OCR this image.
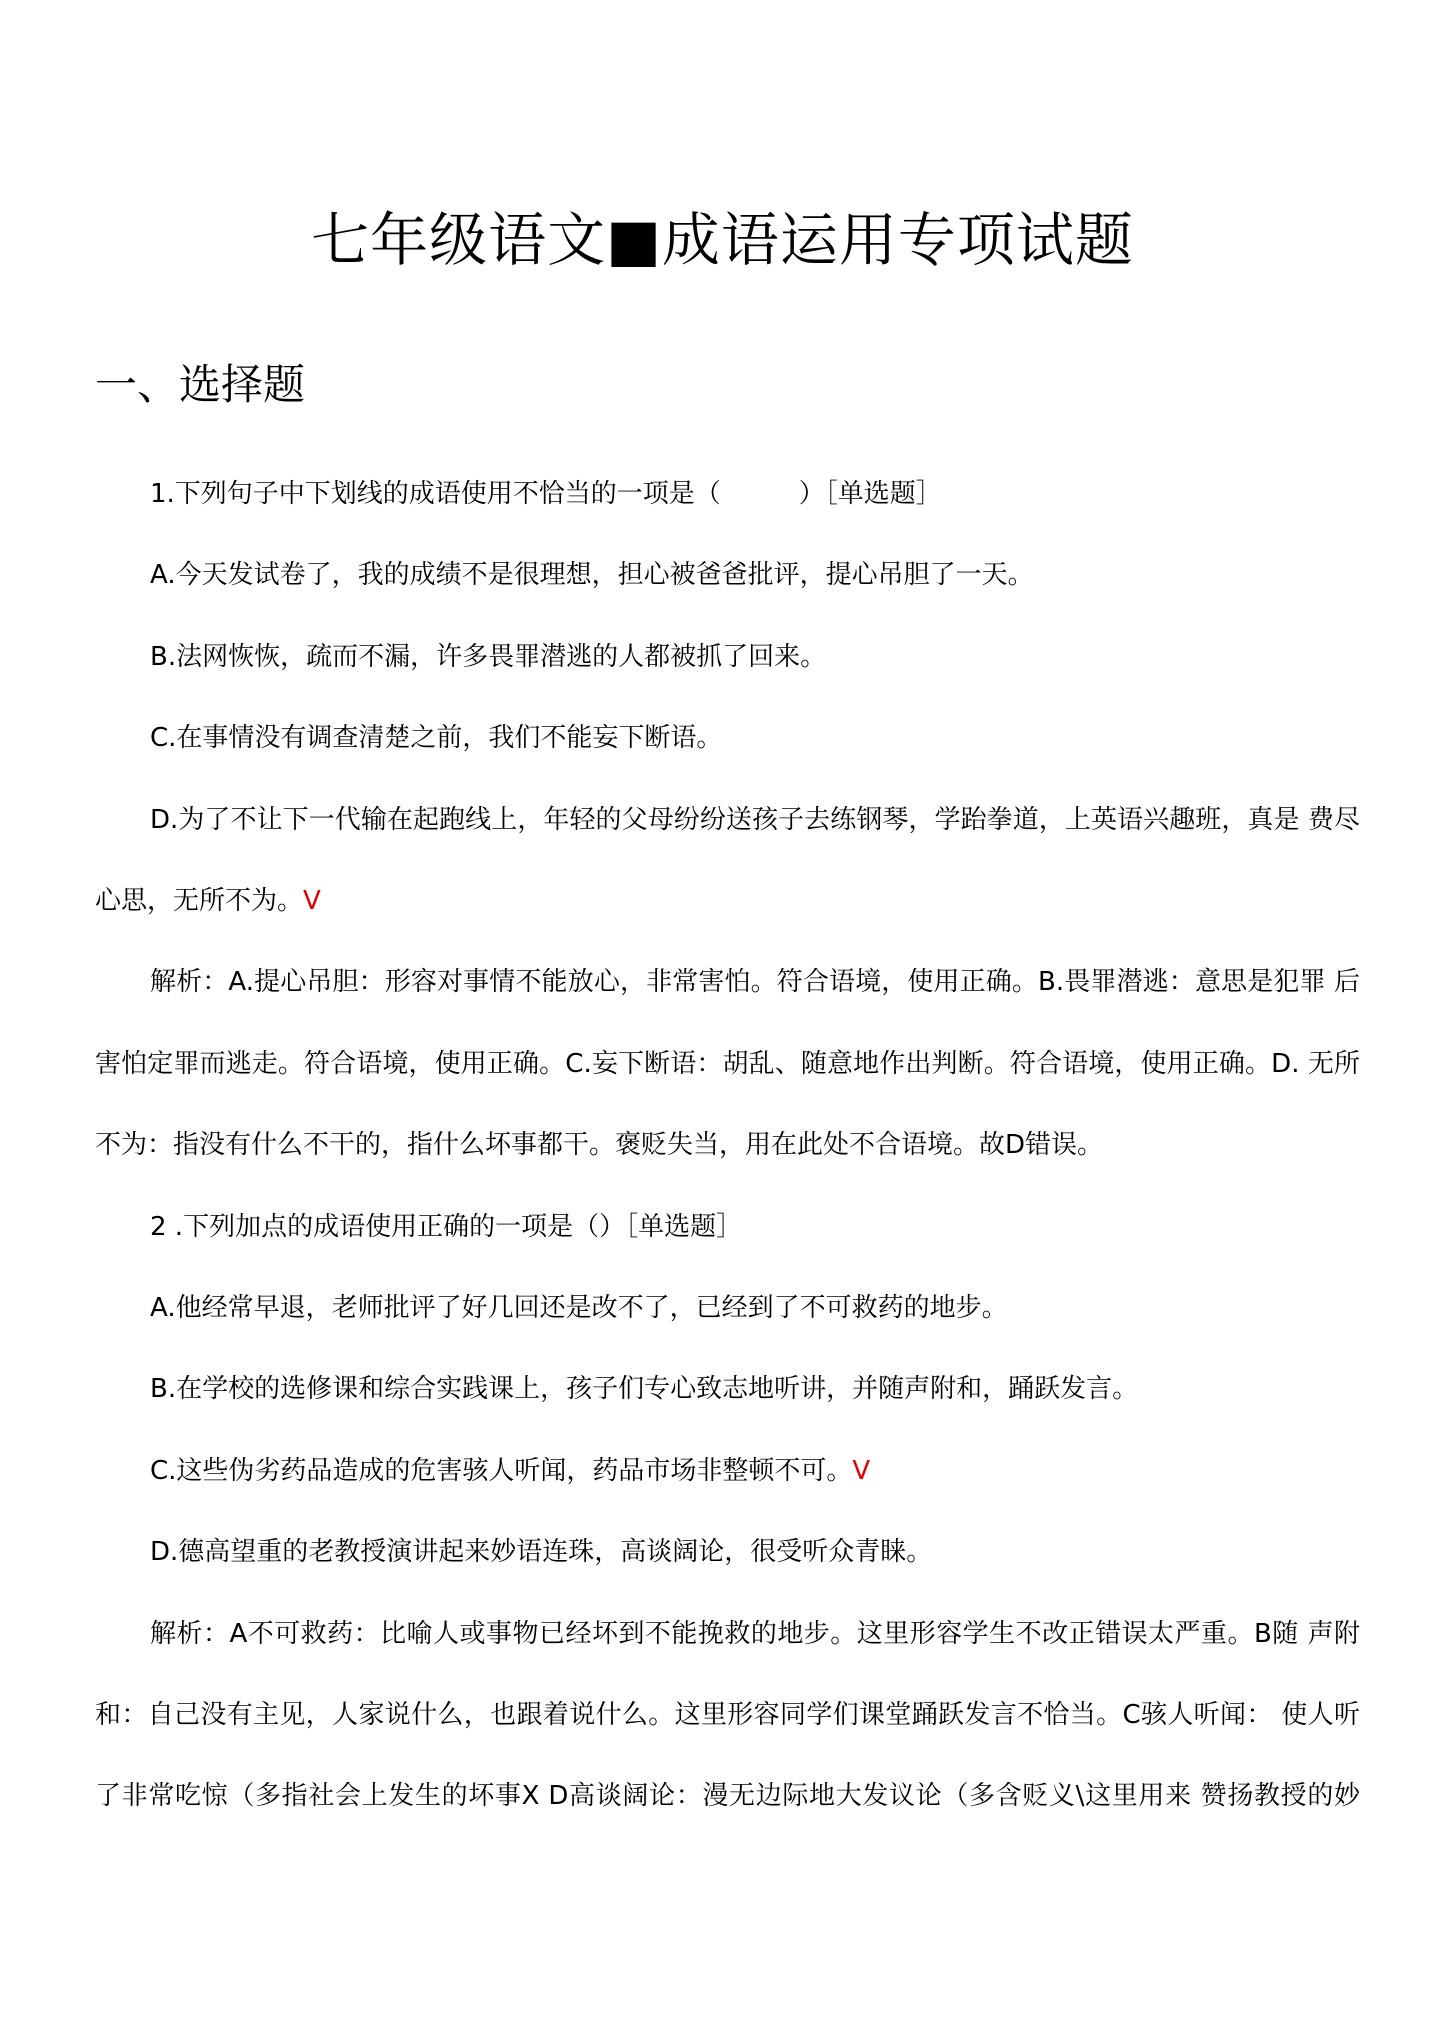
七年级语文■成语运用专项试题
一、选择题
1.下列句子中下划线的成语使用不恰当的一项是（　　　）［单选题］
A.今天发试卷了，我的成绩不是很理想，担心被爸爸批评，提心吊胆了一天。
B.法网恢恢，疏而不漏，许多畏罪潜逃的人都被抓了回来。
C.在事情没有调查清楚之前，我们不能妄下断语。
D.为了不让下一代输在起跑线上，年轻的父母纷纷送孩子去练钢琴，学跆拳道，上英语兴趣班，真是 费尽
心思，无所不为。V
解析：A.提心吊胆：形容对事情不能放心，非常害怕。符合语境，使用正确。B.畏罪潜逃：意思是犯罪 后
害怕定罪而逃走。符合语境，使用正确。C.妄下断语：胡乱、随意地作出判断。符合语境，使用正确。D. 无所
不为：指没有什么不干的，指什么坏事都干。褒贬失当，用在此处不合语境。故D错误。
2 .下列加点的成语使用正确的一项是（）［单选题］
A.他经常早退，老师批评了好几回还是改不了，已经到了不可救药的地步。
B.在学校的选修课和综合实践课上，孩子们专心致志地听讲，并随声附和，踊跃发言。
C.这些伪劣药品造成的危害骇人听闻，药品市场非整顿不可。V
D.德高望重的老教授演讲起来妙语连珠，高谈阔论，很受听众青睐。
解析：A不可救药：比喻人或事物已经坏到不能挽救的地步。这里形容学生不改正错误太严重。B随 声附
和：自己没有主见，人家说什么，也跟着说什么。这里形容同学们课堂踊跃发言不恰当。C骇人听闻： 使人听
了非常吃惊（多指社会上发生的坏事X D高谈阔论：漫无边际地大发议论（多含贬义\这里用来 赞扬教授的妙
